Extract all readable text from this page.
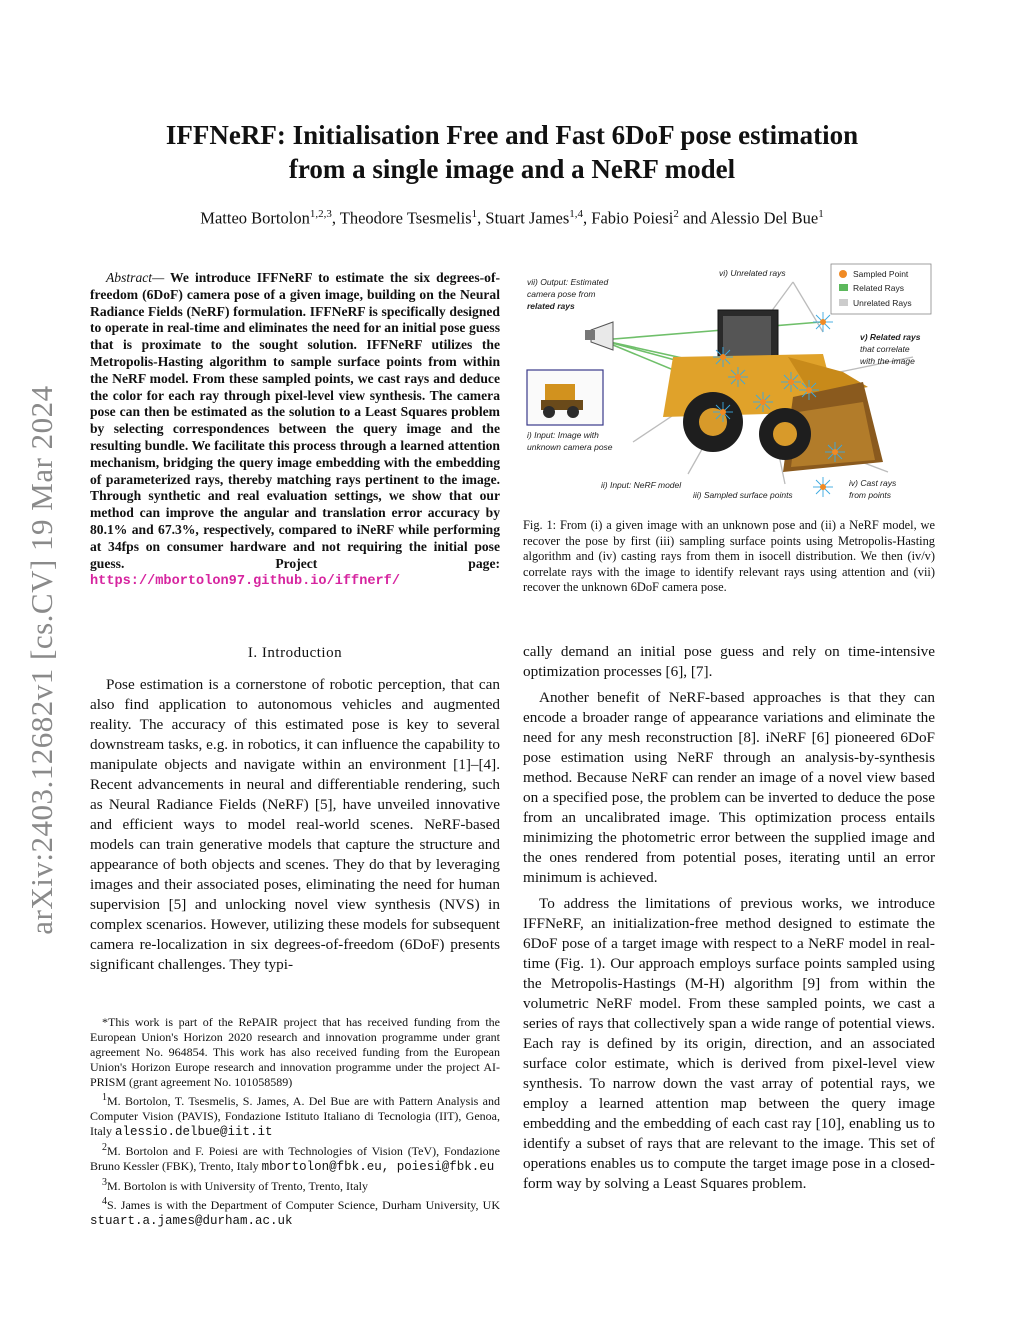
arXiv:2403.12682v1 [cs.CV] 19 Mar 2024
IFFNeRF: Initialisation Free and Fast 6DoF pose estimation
from a single image and a NeRF model
Matteo Bortolon$^{1,2,3}$, Theodore Tsesmelis$^1$, Stuart James$^{1,4}$, Fabio Poiesi$^2$ and Alessio Del Bue$^1$
Abstract— We introduce IFFNeRF to estimate the six degrees-of-freedom (6DoF) camera pose of a given image, building on the Neural Radiance Fields (NeRF) formulation. IFFNeRF is specifically designed to operate in real-time and eliminates the need for an initial pose guess that is proximate to the sought solution. IFFNeRF utilizes the Metropolis-Hasting algorithm to sample surface points from within the NeRF model. From these sampled points, we cast rays and deduce the color for each ray through pixel-level view synthesis. The camera pose can then be estimated as the solution to a Least Squares problem by selecting correspondences between the query image and the resulting bundle. We facilitate this process through a learned attention mechanism, bridging the query image embedding with the embedding of parameterized rays, thereby matching rays pertinent to the image. Through synthetic and real evaluation settings, we show that our method can improve the angular and translation error accuracy by 80.1% and 67.3%, respectively, compared to iNeRF while performing at 34fps on consumer hardware and not requiring the initial pose guess. Project page: https://mbortolon97.github.io/iffnerf/
Sampled Point
Related Rays
Unrelated Rays
vii) Output: Estimated
camera pose from
related rays
vi) Unrelated rays
v) Related rays
that correlate
with the image
i) Input: Image with
unknown camera pose
ii) Input: NeRF model
iii) Sampled surface points
iv) Cast rays
from points
Fig. 1: From (i) a given image with an unknown pose and (ii) a NeRF model, we recover the pose by first (iii) sampling surface points using Metropolis-Hasting algorithm and (iv) casting rays from them in isocell distribution. We then (iv/v) correlate rays with the image to identify relevant rays using attention and (vii) recover the unknown 6DoF camera pose.
I. Introduction

Pose estimation is a cornerstone of robotic perception, that can also find application to autonomous vehicles and augmented reality. The accuracy of this estimated pose is key to several downstream tasks, e.g. in robotics, it can influence the capability to manipulate objects and navigate within an environment [1]–[4]. Recent advancements in neural and differentiable rendering, such as Neural Radiance Fields (NeRF) [5], have unveiled innovative and efficient ways to model real-world scenes. NeRF-based models can train generative models that capture the structure and appearance of both objects and scenes. They do that by leveraging images and their associated poses, eliminating the need for human supervision [5] and unlocking novel view synthesis (NVS) in complex scenarios. However, utilizing these models for subsequent camera re-localization in six degrees-of-freedom (6DoF) presents significant challenges. They typi-

*This work is part of the RePAIR project that has received funding from the European Union's Horizon 2020 research and innovation programme under grant agreement No. 964854. This work has also received funding from the European Union's Horizon Europe research and innovation programme under the project AI-PRISM (grant agreement No. 101058589)

$^1$M. Bortolon, T. Tsesmelis, S. James, A. Del Bue are with Pattern Analysis and Computer Vision (PAVIS), Fondazione Istituto Italiano di Tecnologia (IIT), Genoa, Italy alessio.delbue@iit.it

$^2$M. Bortolon and F. Poiesi are with Technologies of Vision (TeV), Fondazione Bruno Kessler (FBK), Trento, Italy mbortolon@fbk.eu, poiesi@fbk.eu

$^3$M. Bortolon is with University of Trento, Trento, Italy

$^4$S. James is with the Department of Computer Science, Durham University, UK stuart.a.james@durham.ac.uk

cally demand an initial pose guess and rely on time-intensive optimization processes [6], [7].

Another benefit of NeRF-based approaches is that they can encode a broader range of appearance variations and eliminate the need for any mesh reconstruction [8]. iNeRF [6] pioneered 6DoF pose estimation using NeRF through an analysis-by-synthesis method. Because NeRF can render an image of a novel view based on a specified pose, the problem can be inverted to deduce the pose from an uncalibrated image. This optimization process entails minimizing the photometric error between the supplied image and the ones rendered from potential poses, iterating until an error minimum is achieved.

To address the limitations of previous works, we introduce IFFNeRF, an initialization-free method designed to estimate the 6DoF pose of a target image with respect to a NeRF model in real-time (Fig. 1). Our approach employs surface points sampled using the Metropolis-Hastings (M-H) algorithm [9] from within the volumetric NeRF model. From these sampled points, we cast a series of rays that collectively span a wide range of potential views. Each ray is defined by its origin, direction, and an associated surface color estimate, which is derived from pixel-level view synthesis. To narrow down the vast array of potential rays, we employ a learned attention map between the query image embedding and the embedding of each cast ray [10], enabling us to identify a subset of rays that are relevant to the image. This set of operations enables us to compute the target image pose in a closed-form way by solving a Least Squares problem.
